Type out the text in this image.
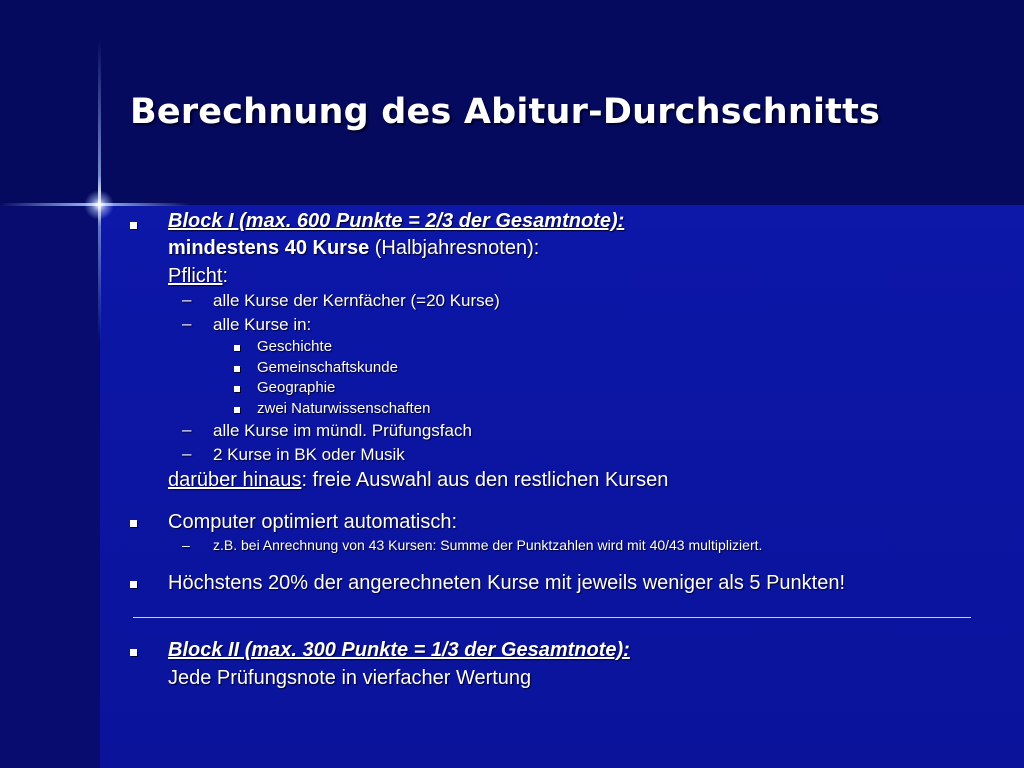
Berechnung des Abitur-Durchschnitts
Block I (max. 600 Punkte = 2/3 der Gesamtnote):
mindestens 40 Kurse (Halbjahresnoten):
Pflicht:
– alle Kurse der Kernfächer (=20 Kurse)
– alle Kurse in:
Geschichte
Gemeinschaftskunde
Geographie
zwei Naturwissenschaften
– alle Kurse im mündl. Prüfungsfach
– 2 Kurse in BK oder Musik
darüber hinaus: freie Auswahl aus den restlichen Kursen
Computer optimiert automatisch:
– z.B. bei Anrechnung von 43 Kursen: Summe der Punktzahlen wird mit 40/43 multipliziert.
Höchstens 20% der angerechneten Kurse mit jeweils weniger als 5 Punkten!
Block II (max. 300 Punkte = 1/3 der Gesamtnote):
Jede Prüfungsnote in vierfacher Wertung
